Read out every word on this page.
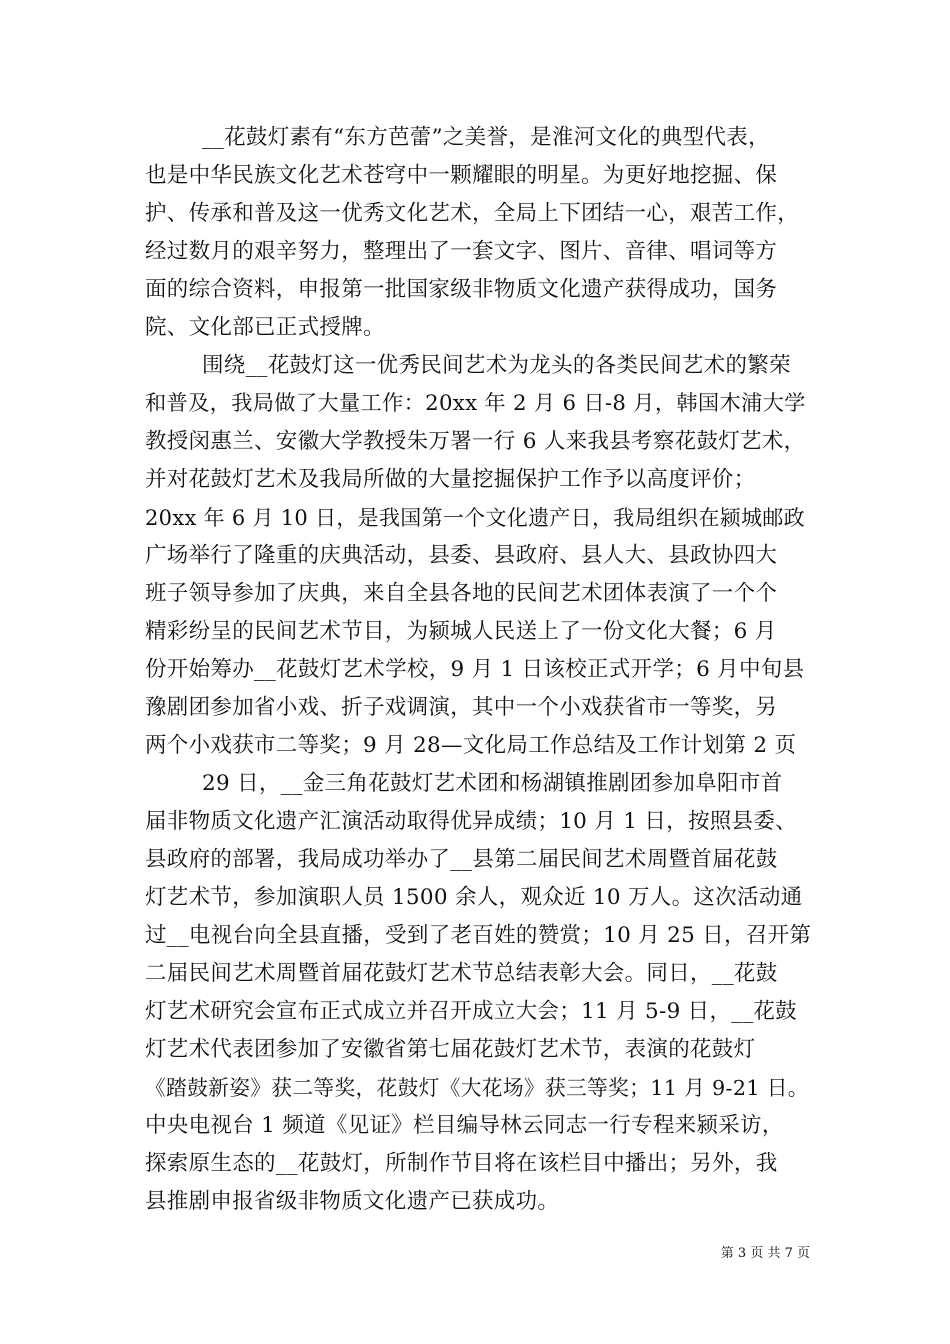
__花鼓灯素有“东方芭蕾”之美誉，是淮河文化的典型代表，
也是中华民族文化艺术苍穹中一颗耀眼的明星。为更好地挖掘、保
护、传承和普及这一优秀文化艺术，全局上下团结一心，艰苦工作，
经过数月的艰辛努力，整理出了一套文字、图片、音律、唱词等方
面的综合资料，申报第一批国家级非物质文化遗产获得成功，国务
院、文化部已正式授牌。
围绕__花鼓灯这一优秀民间艺术为龙头的各类民间艺术的繁荣
和普及，我局做了大量工作：20xx 年 2 月 6 日-8 月，韩国木浦大学
教授闵惠兰、安徽大学教授朱万署一行 6 人来我县考察花鼓灯艺术，
并对花鼓灯艺术及我局所做的大量挖掘保护工作予以高度评价；
20xx 年 6 月 10 日，是我国第一个文化遗产日，我局组织在颍城邮政
广场举行了隆重的庆典活动，县委、县政府、县人大、县政协四大
班子领导参加了庆典，来自全县各地的民间艺术团体表演了一个个
精彩纷呈的民间艺术节目，为颍城人民送上了一份文化大餐；6 月
份开始筹办__花鼓灯艺术学校，9 月 1 日该校正式开学；6 月中旬县
豫剧团参加省小戏、折子戏调演，其中一个小戏获省市一等奖，另
两个小戏获市二等奖；9 月 28—文化局工作总结及工作计划第 2 页
29 日，__金三角花鼓灯艺术团和杨湖镇推剧团参加阜阳市首
届非物质文化遗产汇演活动取得优异成绩；10 月 1 日，按照县委、
县政府的部署，我局成功举办了__县第二届民间艺术周暨首届花鼓
灯艺术节，参加演职人员 1500 余人，观众近 10 万人。这次活动通
过__电视台向全县直播，受到了老百姓的赞赏；10 月 25 日，召开第
二届民间艺术周暨首届花鼓灯艺术节总结表彰大会。同日，__花鼓
灯艺术研究会宣布正式成立并召开成立大会；11 月 5-9 日，__花鼓
灯艺术代表团参加了安徽省第七届花鼓灯艺术节，表演的花鼓灯
《踏鼓新姿》获二等奖，花鼓灯《大花场》获三等奖；11 月 9-21 日。
中央电视台 1 频道《见证》栏目编导林云同志一行专程来颍采访，
探索原生态的__花鼓灯，所制作节目将在该栏目中播出；另外，我
县推剧申报省级非物质文化遗产已获成功。
第 3 页 共 7 页
